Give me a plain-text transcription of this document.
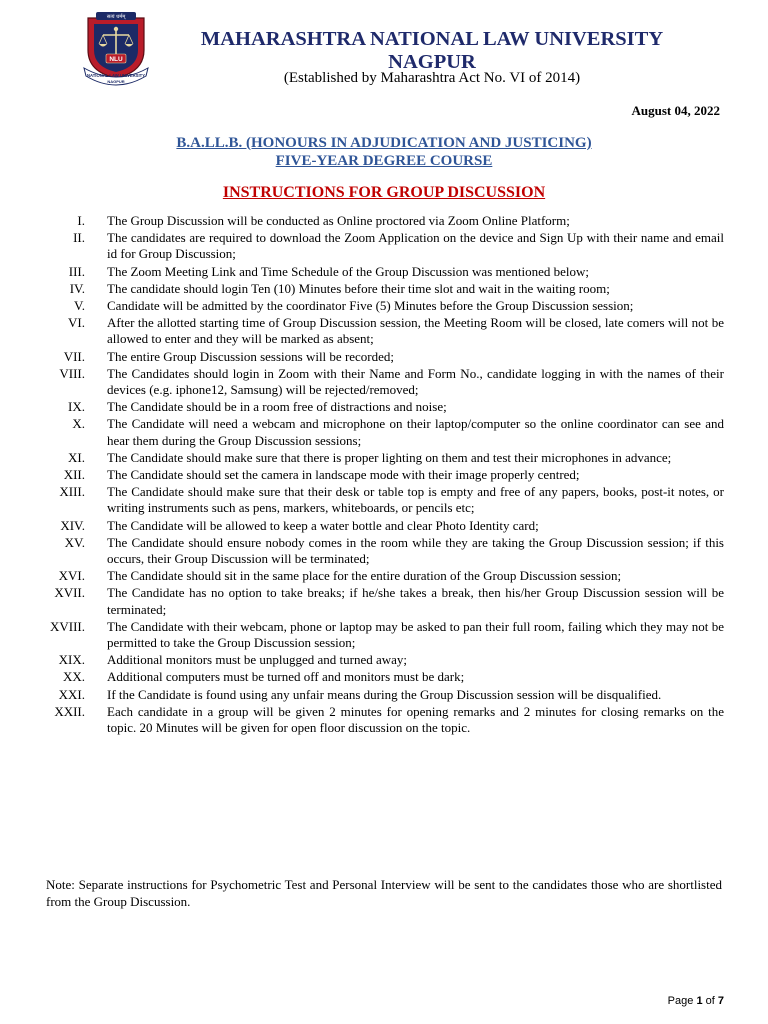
सत्यं धर्मम्
NLU
NATIONAL LAW UNIVERSITY
NAGPUR
MAHARASHTRA NATIONAL LAW UNIVERSITY
NAGPUR
(Established by Maharashtra Act No. VI of 2014)
August 04, 2022
B.A.LL.B. (HONOURS IN ADJUDICATION AND JUSTICING)
FIVE-YEAR DEGREE COURSE
INSTRUCTIONS FOR GROUP DISCUSSION
I.	The Group Discussion will be conducted as Online proctored via Zoom Online Platform;
II.	The candidates are required to download the Zoom Application on the device and Sign Up with their name and email id for Group Discussion;
III.	The Zoom Meeting Link and Time Schedule of the Group Discussion was mentioned below;
IV.	The candidate should login Ten (10) Minutes before their time slot and wait in the waiting room;
V.	Candidate will be admitted by the coordinator Five (5) Minutes before the Group Discussion session;
VI.	After the allotted starting time of Group Discussion session, the Meeting Room will be closed, late comers will not be allowed to enter and they will be marked as absent;
VII.	The entire Group Discussion sessions will be recorded;
VIII.	The Candidates should login in Zoom with their Name and Form No., candidate logging in with the names of their devices (e.g. iphone12, Samsung) will be rejected/removed;
IX.	The Candidate should be in a room free of distractions and noise;
X.	The Candidate will need a webcam and microphone on their laptop/computer so the online coordinator can see and hear them during the Group Discussion sessions;
XI.	The Candidate should make sure that there is proper lighting on them and test their microphones in advance;
XII.	The Candidate should set the camera in landscape mode with their image properly centred;
XIII.	The Candidate should make sure that their desk or table top is empty and free of any papers, books, post-it notes, or writing instruments such as pens, markers, whiteboards, or pencils etc;
XIV.	The Candidate will be allowed to keep a water bottle and clear Photo Identity card;
XV.	The Candidate should ensure nobody comes in the room while they are taking the Group Discussion session; if this occurs, their Group Discussion will be terminated;
XVI.	The Candidate should sit in the same place for the entire duration of the Group Discussion session;
XVII.	The Candidate has no option to take breaks; if he/she takes a break, then his/her Group Discussion session will be terminated;
XVIII.	The Candidate with their webcam, phone or laptop may be asked to pan their full room, failing which they may not be permitted to take the Group Discussion session;
XIX.	Additional monitors must be unplugged and turned away;
XX.	Additional computers must be turned off and monitors must be dark;
XXI.	If the Candidate is found using any unfair means during the Group Discussion session will be disqualified.
XXII.	Each candidate in a group will be given 2 minutes for opening remarks and 2 minutes for closing remarks on the topic. 20 Minutes will be given for open floor discussion on the topic.
Note: Separate instructions for Psychometric Test and Personal Interview will be sent to the candidates those who are shortlisted from the Group Discussion.
Page 1 of 7
